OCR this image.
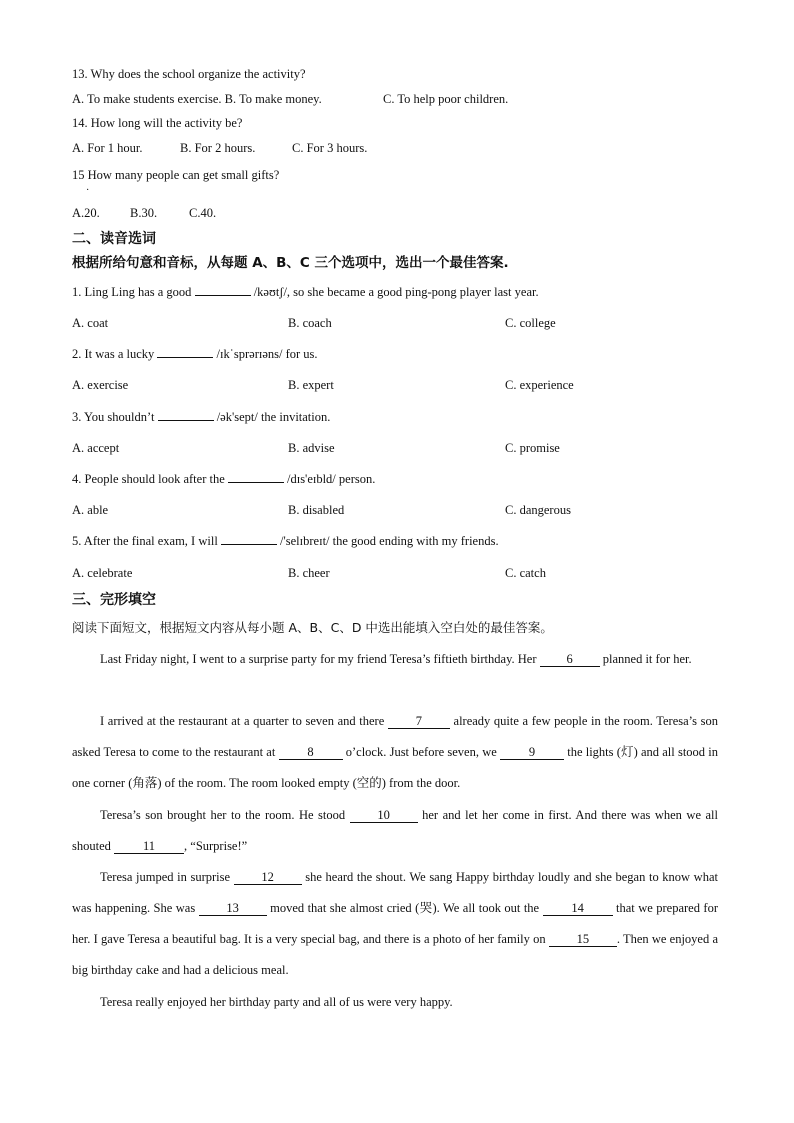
13. Why does the school organize the activity?
A. To make students exercise. B. To make money.	C. To help poor children.
14. How long will the activity be?
A. For 1 hour.	B. For 2 hours.	C. For 3 hours.
15 How many people can get small gifts?
·
A.20. B.30.	C.40.
二、读音选词
根据所给句意和音标，从每题 A、B、C 三个选项中，选出一个最佳答案.
1. Ling Ling has a good	/kəʊtʃ/, so she became a good ping-pong player last year.
A. coat	B. coach	C. college
2. It was a lucky	/ɪkˈsprərɪəns/ for us.
A. exercise	B. expert	C. experience
3. You shouldn’t	/ək'sept/ the invitation.
A. accept	B. advise	C. promise
4. People should look after the	/dɪs'eɪbld/ person.
A. able	B. disabled	C. dangerous
5. After the final exam, I will	/'selɪbreɪt/ the good ending with my friends.
A. celebrate	B. cheer	C. catch
三、完形填空
阅读下面短文，根据短文内容从每小题 A、B、C、D 中选出能填入空白处的最佳答案。
Last Friday night, I went to a surprise party for my friend Teresa’s fiftieth birthday. Her 6 planned it for her.
I arrived at the restaurant at a quarter to seven and there 7 already quite a few people in the room. Teresa’s son asked Teresa to come to the restaurant at 8 o’clock. Just before seven, we 9 the lights (灯) and all stood in one corner (角落) of the room. The room looked empty (空的) from the door.
Teresa’s son brought her to the room. He stood 10 her and let her come in first. And there was when we all shouted 11 , “Surprise!”
Teresa jumped in surprise 12 she heard the shout. We sang Happy birthday loudly and she began to know what was happening. She was 13 moved that she almost cried (哭). We all took out the 14 that we prepared for her. I gave Teresa a beautiful bag. It is a very special bag, and there is a photo of her family on 15 . Then we enjoyed a big birthday cake and had a delicious meal.
Teresa really enjoyed her birthday party and all of us were very happy.
